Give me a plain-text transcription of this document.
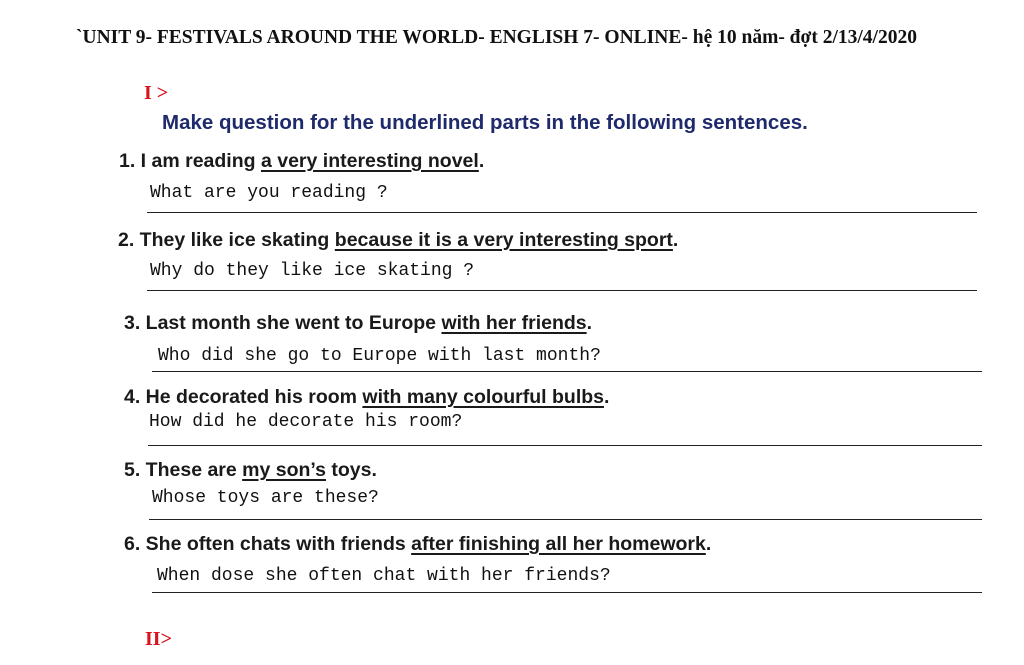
`UNIT 9- FESTIVALS AROUND THE WORLD- ENGLISH 7- ONLINE- hệ 10 năm- đợt 2/13/4/2020
I >
Make question for the underlined parts in the following sentences.
1. I am reading a very interesting novel.
What are you reading ?
2. They like ice skating because it is a very interesting sport.
Why do they like ice skating ?
3. Last month she went to Europe with her friends.
Who did she go to Europe with last month?
4. He decorated his room with many colourful bulbs.
How did he decorate his room?
5. These are my son’s toys.
Whose toys are these?
6. She often chats with friends after finishing all her homework.
When dose she often chat with her friends?
II>
